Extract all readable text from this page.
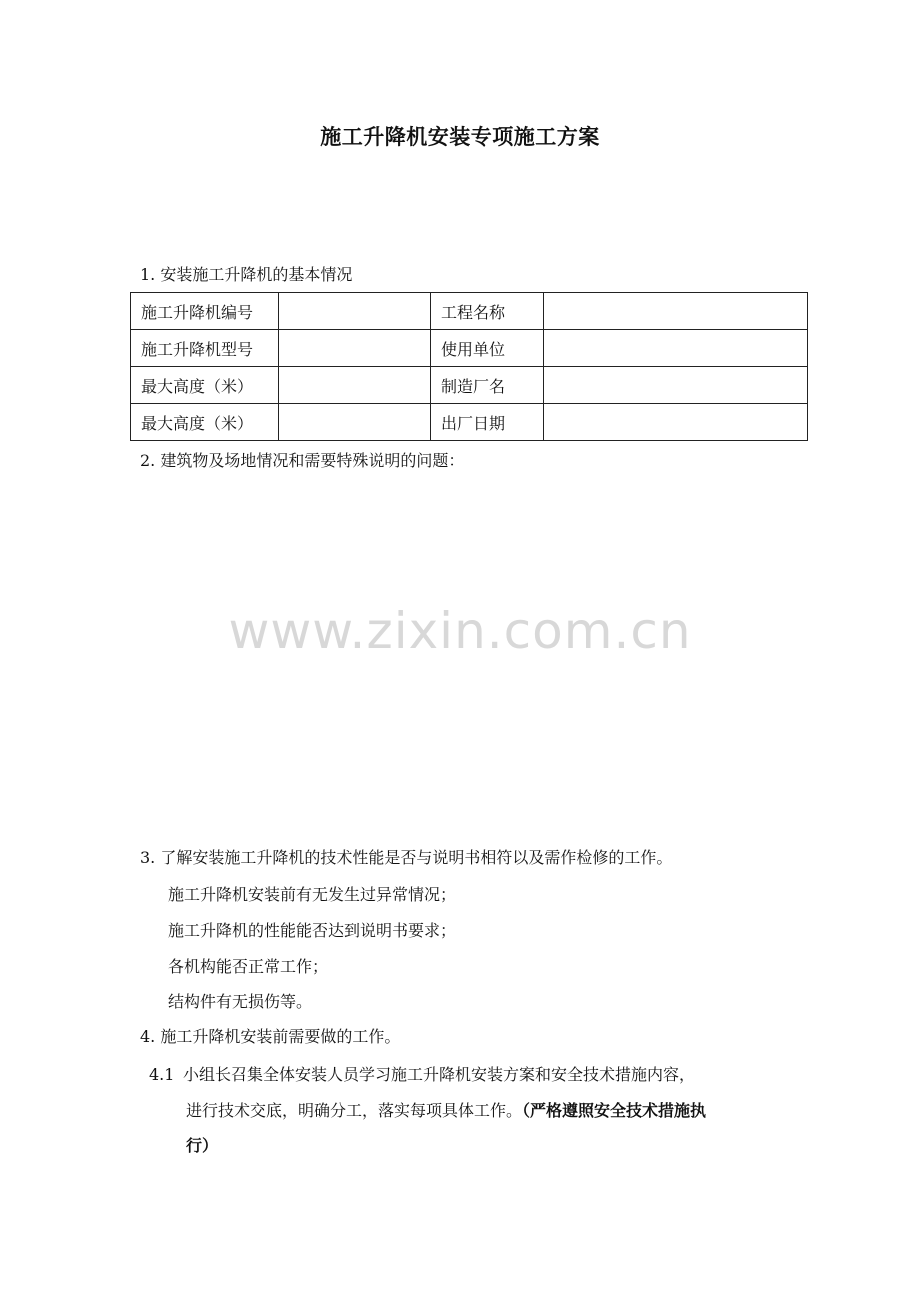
施工升降机安装专项施工方案
1. 安装施工升降机的基本情况
施工升降机编号		工程名称	
施工升降机型号		使用单位	
最大高度（米）		制造厂名	
最大高度（米）		出厂日期	
2. 建筑物及场地情况和需要特殊说明的问题：
www.zixin.com.cn
3. 了解安装施工升降机的技术性能是否与说明书相符以及需作检修的工作。
施工升降机安装前有无发生过异常情况；
施工升降机的性能能否达到说明书要求；
各机构能否正常工作；
结构件有无损伤等。
4. 施工升降机安装前需要做的工作。
4.1 小组长召集全体安装人员学习施工升降机安装方案和安全技术措施内容，
进行技术交底，明确分工，落实每项具体工作。（严格遵照安全技术措施执
行）
